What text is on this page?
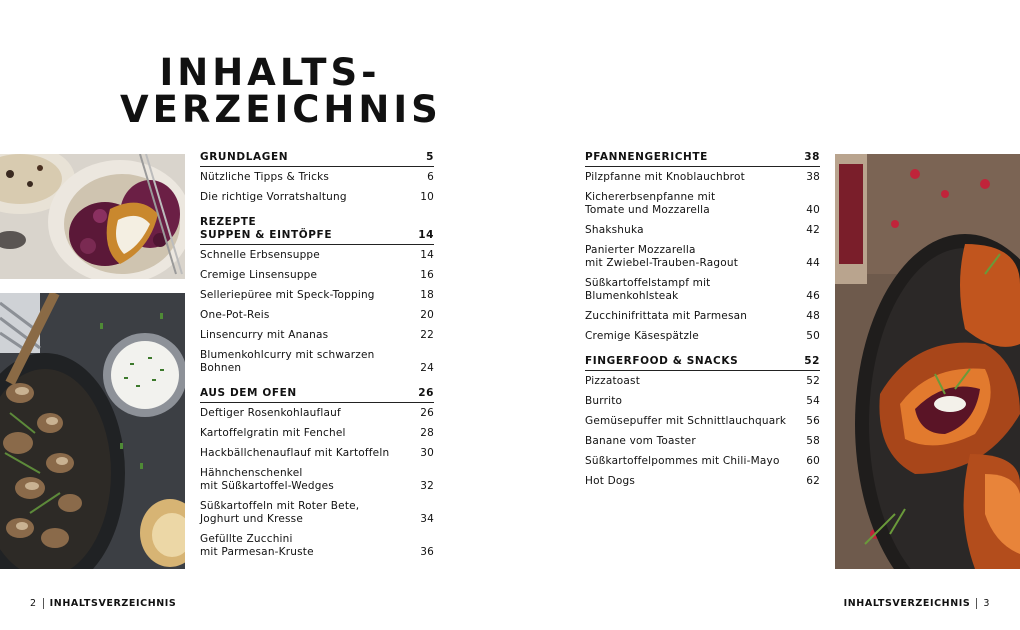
INHALTS-
VERZEICHNIS
GRUNDLAGEN	5
Nützliche Tipps & Tricks	6
Die richtige Vorratshaltung	10
REZEPTE
SUPPEN & EINTÖPFE	14
Schnelle Erbsensuppe	14
Cremige Linsensuppe	16
Selleriepüree mit Speck-Topping	18
One-Pot-Reis	20
Linsencurry mit Ananas	22
Blumenkohlcurry mit schwarzen
Bohnen	24
AUS DEM OFEN	26
Deftiger Rosenkohlauflauf	26
Kartoffelgratin mit Fenchel	28
Hackbällchenauflauf mit Kartoffeln	30
Hähnchenschenkel
mit Süßkartoffel-Wedges	32
Süßkartoffeln mit Roter Bete,
Joghurt und Kresse	34
Gefüllte Zucchini
mit Parmesan-Kruste	36
PFANNENGERICHTE	38
Pilzpfanne mit Knoblauchbrot	38
Kichererbsenpfanne mit
Tomate und Mozzarella	40
Shakshuka	42
Panierter Mozzarella
mit Zwiebel-Trauben-Ragout	44
Süßkartoffelstampf mit Blumenkohlsteak	46
Zucchinifrittata mit Parmesan	48
Cremige Käsespätzle	50
FINGERFOOD & SNACKS	52
Pizzatoast	52
Burrito	54
Gemüsepuffer mit Schnittlauchquark	56
Banane vom Toaster	58
Süßkartoffelpommes mit Chili-Mayo	60
Hot Dogs	62
2 INHALTSVERZEICHNIS	INHALTSVERZEICHNIS 3
